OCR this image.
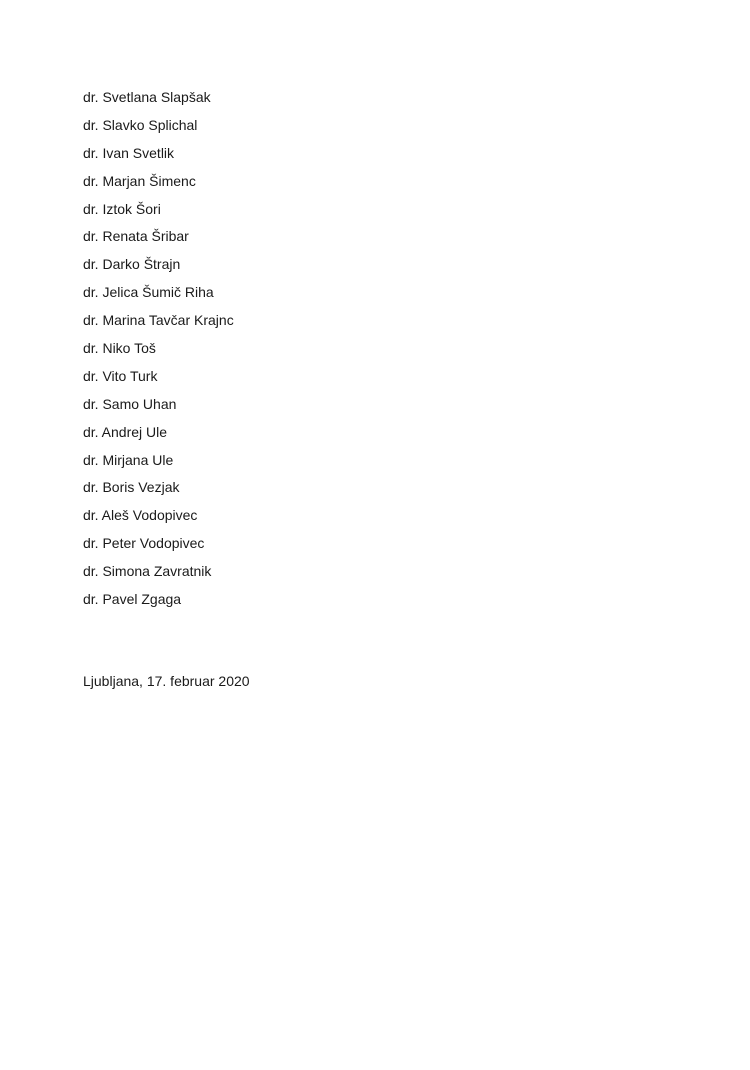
dr. Svetlana Slapšak
dr. Slavko Splichal
dr. Ivan Svetlik
dr. Marjan Šimenc
dr. Iztok Šori
dr. Renata Šribar
dr. Darko Štrajn
dr. Jelica Šumič Riha
dr. Marina Tavčar Krajnc
dr. Niko Toš
dr. Vito Turk
dr. Samo Uhan
dr. Andrej Ule
dr. Mirjana Ule
dr. Boris Vezjak
dr. Aleš Vodopivec
dr. Peter Vodopivec
dr. Simona Zavratnik
dr. Pavel Zgaga
Ljubljana, 17. februar 2020
